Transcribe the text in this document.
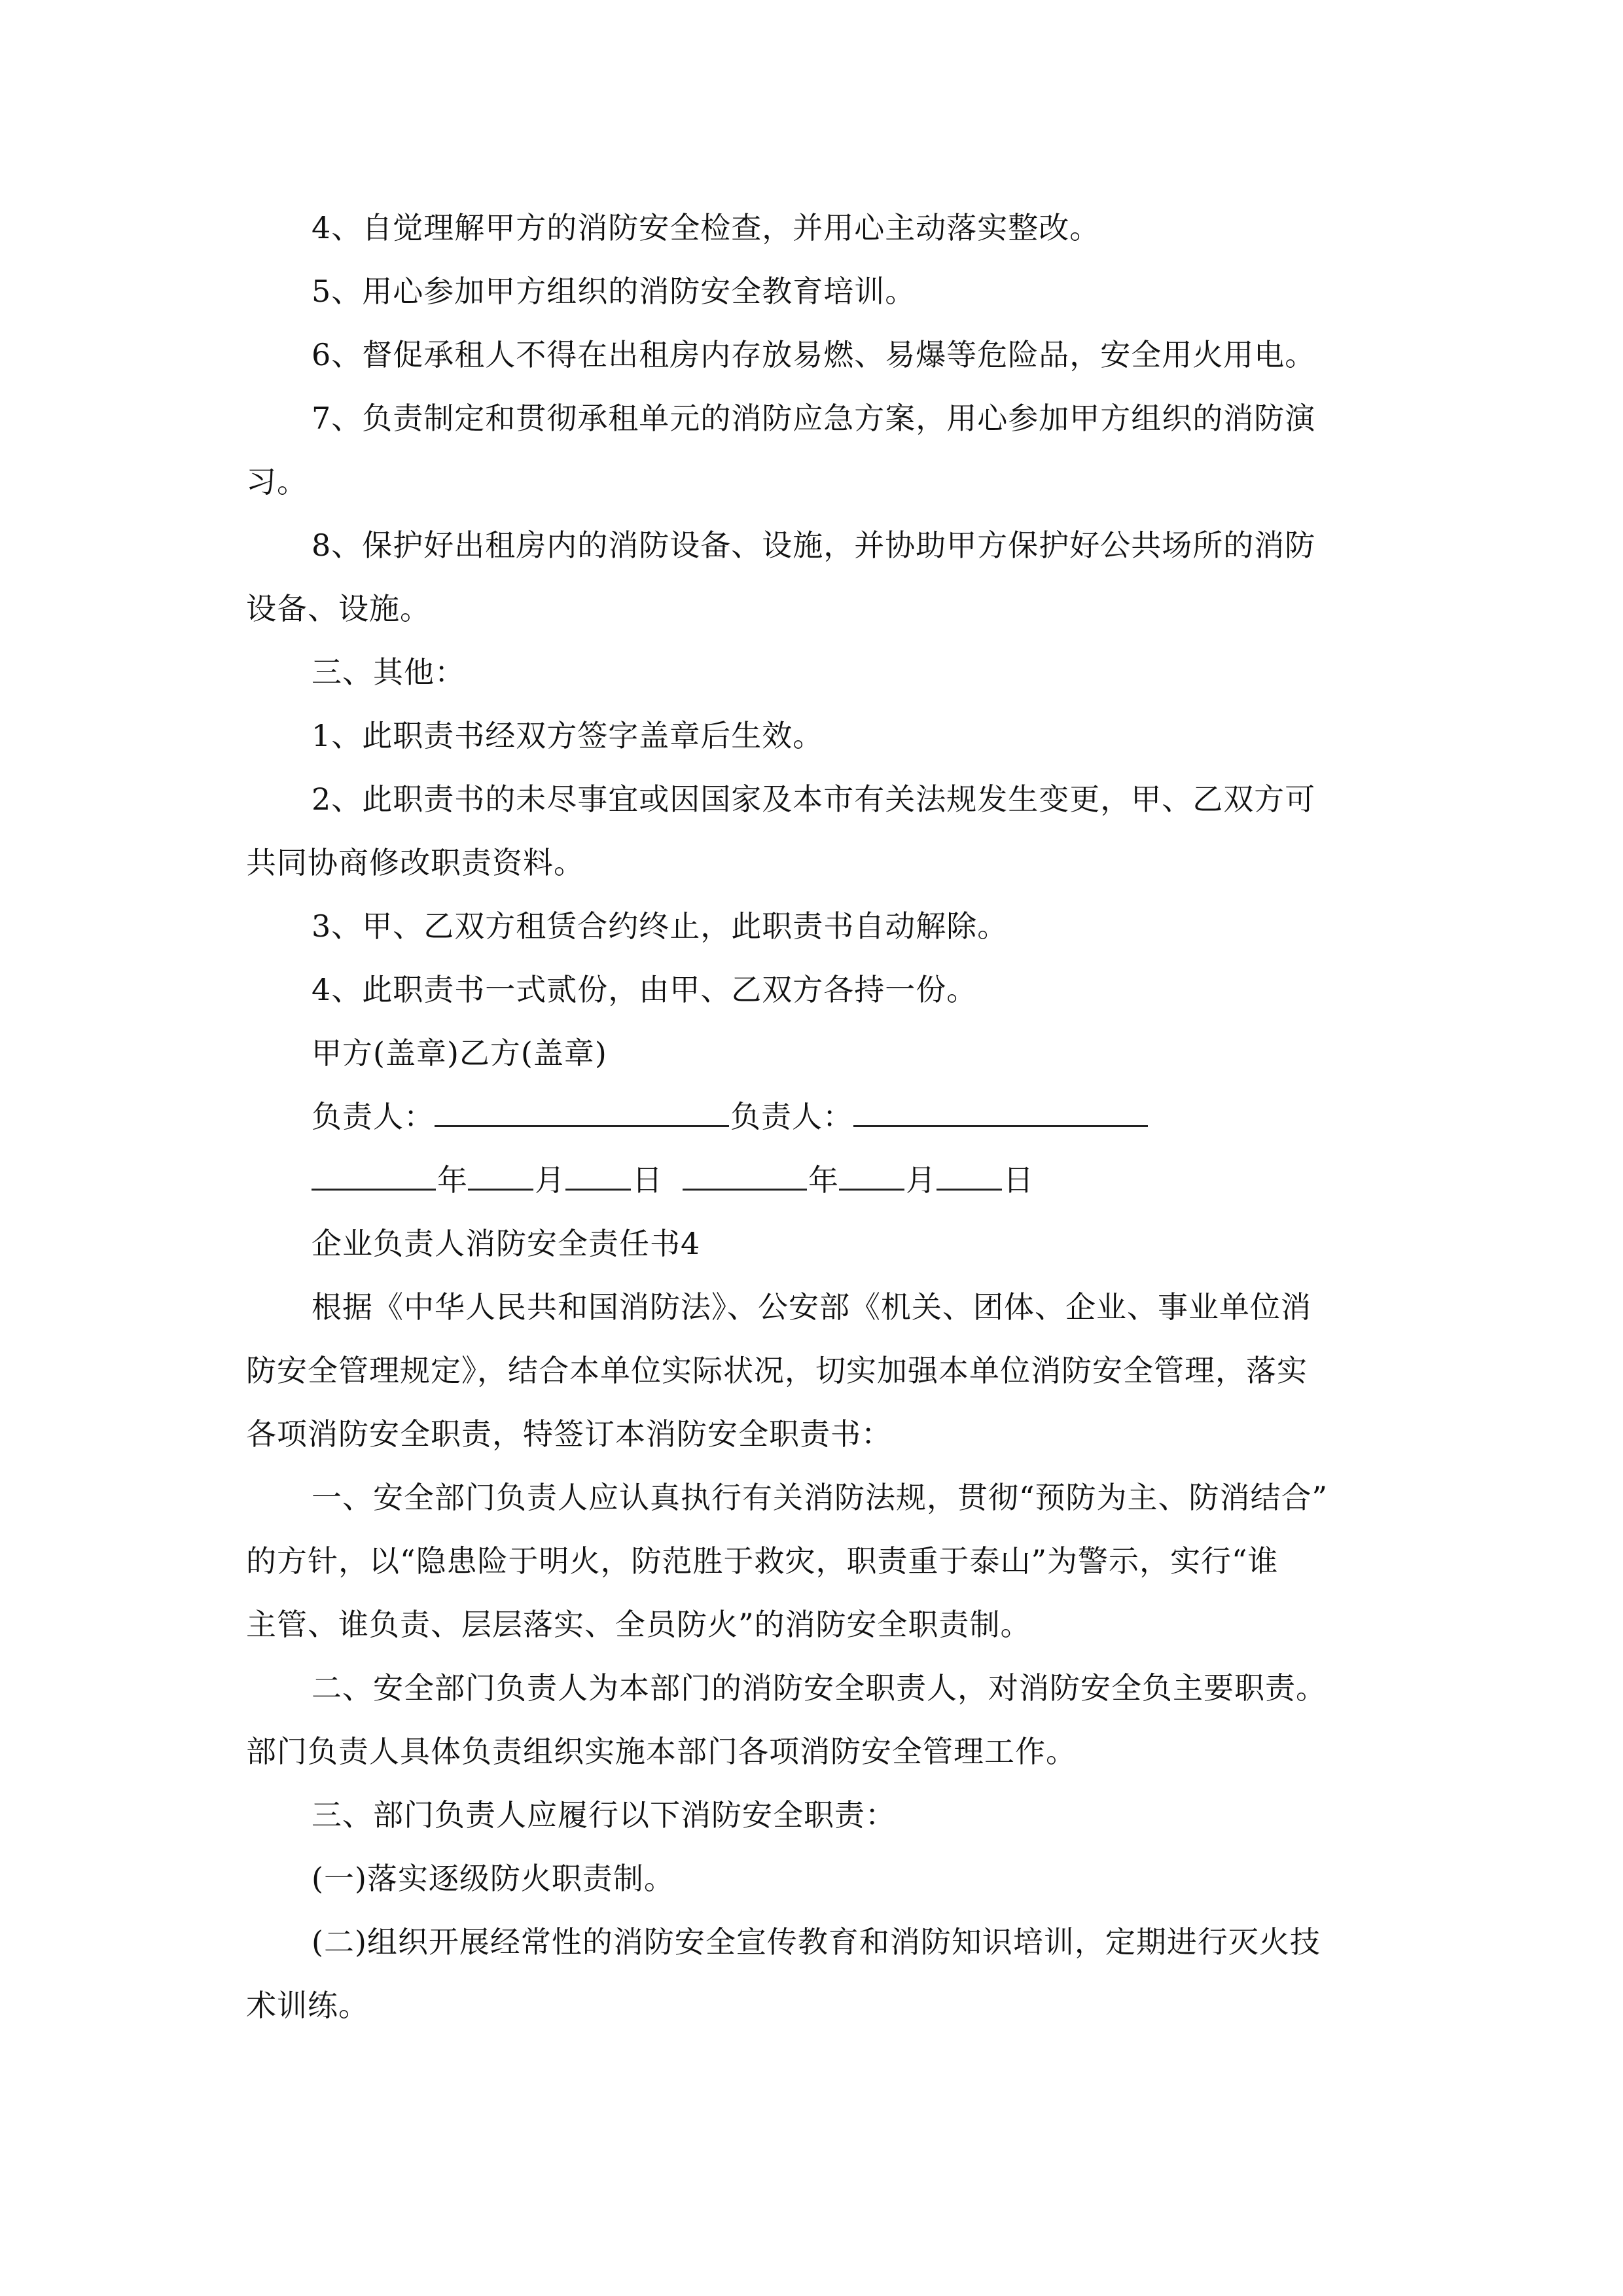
4、自觉理解甲方的消防安全检查，并用心主动落实整改。
5、用心参加甲方组织的消防安全教育培训。
6、督促承租人不得在出租房内存放易燃、易爆等危险品，安全用火用电。
7、负责制定和贯彻承租单元的消防应急方案，用心参加甲方组织的消防演
习。
8、保护好出租房内的消防设备、设施，并协助甲方保护好公共场所的消防
设备、设施。
三、其他：
1、此职责书经双方签字盖章后生效。
2、此职责书的未尽事宜或因国家及本市有关法规发生变更，甲、乙双方可
共同协商修改职责资料。
3、甲、乙双方租赁合约终止，此职责书自动解除。
4、此职责书一式贰份，由甲、乙双方各持一份。
甲方(盖章)乙方(盖章)
负责人：	负责人：
年 月 日	年 月 日
企业负责人消防安全责任书4
根据《中华人民共和国消防法》、公安部《机关、团体、企业、事业单位消
防安全管理规定》，结合本单位实际状况，切实加强本单位消防安全管理，落实
各项消防安全职责，特签订本消防安全职责书：
一、安全部门负责人应认真执行有关消防法规，贯彻“预防为主、防消结合”
的方针，以“隐患险于明火，防范胜于救灾，职责重于泰山”为警示，实行“谁
主管、谁负责、层层落实、全员防火”的消防安全职责制。
二、安全部门负责人为本部门的消防安全职责人，对消防安全负主要职责。
部门负责人具体负责组织实施本部门各项消防安全管理工作。
三、部门负责人应履行以下消防安全职责：
(一)落实逐级防火职责制。
(二)组织开展经常性的消防安全宣传教育和消防知识培训，定期进行灭火技
术训练。
